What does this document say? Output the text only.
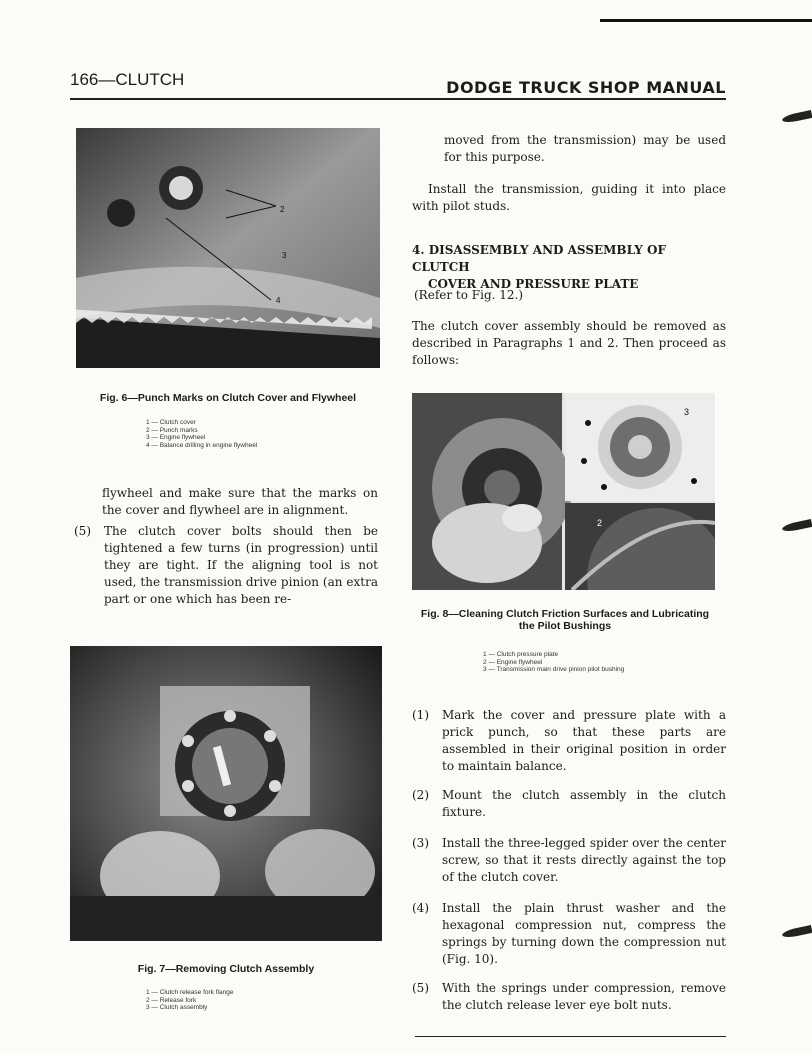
166—CLUTCH	DODGE TRUCK SHOP MANUAL
2
3
4
Fig. 6—Punch Marks on Clutch Cover and Flywheel
1 — Clutch cover
2 — Punch marks
3 — Engine flywheel
4 — Balance drilling in engine flywheel
flywheel and make sure that the marks on the cover and flywheel are in alignment.
(5) The clutch cover bolts should then be tightened a few turns (in progression) until they are tight. If the aligning tool is not used, the transmission drive pinion (an extra part or one which has been re-
Fig. 7—Removing Clutch Assembly
1 — Clutch release fork flange
2 — Release fork
3 — Clutch assembly
moved from the transmission) may be used for this purpose.
Install the transmission, guiding it into place with pilot studs.
4. DISASSEMBLY AND ASSEMBLY OF CLUTCH
COVER AND PRESSURE PLATE
(Refer to Fig. 12.)
The clutch cover assembly should be removed as described in Paragraphs 1 and 2. Then proceed as follows:
2
3
Fig. 8—Cleaning Clutch Friction Surfaces and Lubricating
the Pilot Bushings
1 — Clutch pressure plate
2 — Engine flywheel
3 — Transmission main drive pinion pilot bushing
(1) Mark the cover and pressure plate with a prick punch, so that these parts are assembled in their original position in order to maintain balance.
(2) Mount the clutch assembly in the clutch fixture.
(3) Install the three-legged spider over the center screw, so that it rests directly against the top of the clutch cover.
(4) Install the plain thrust washer and the hexagonal compression nut, compress the springs by turning down the compression nut (Fig. 10).
(5) With the springs under compression, remove the clutch release lever eye bolt nuts.
